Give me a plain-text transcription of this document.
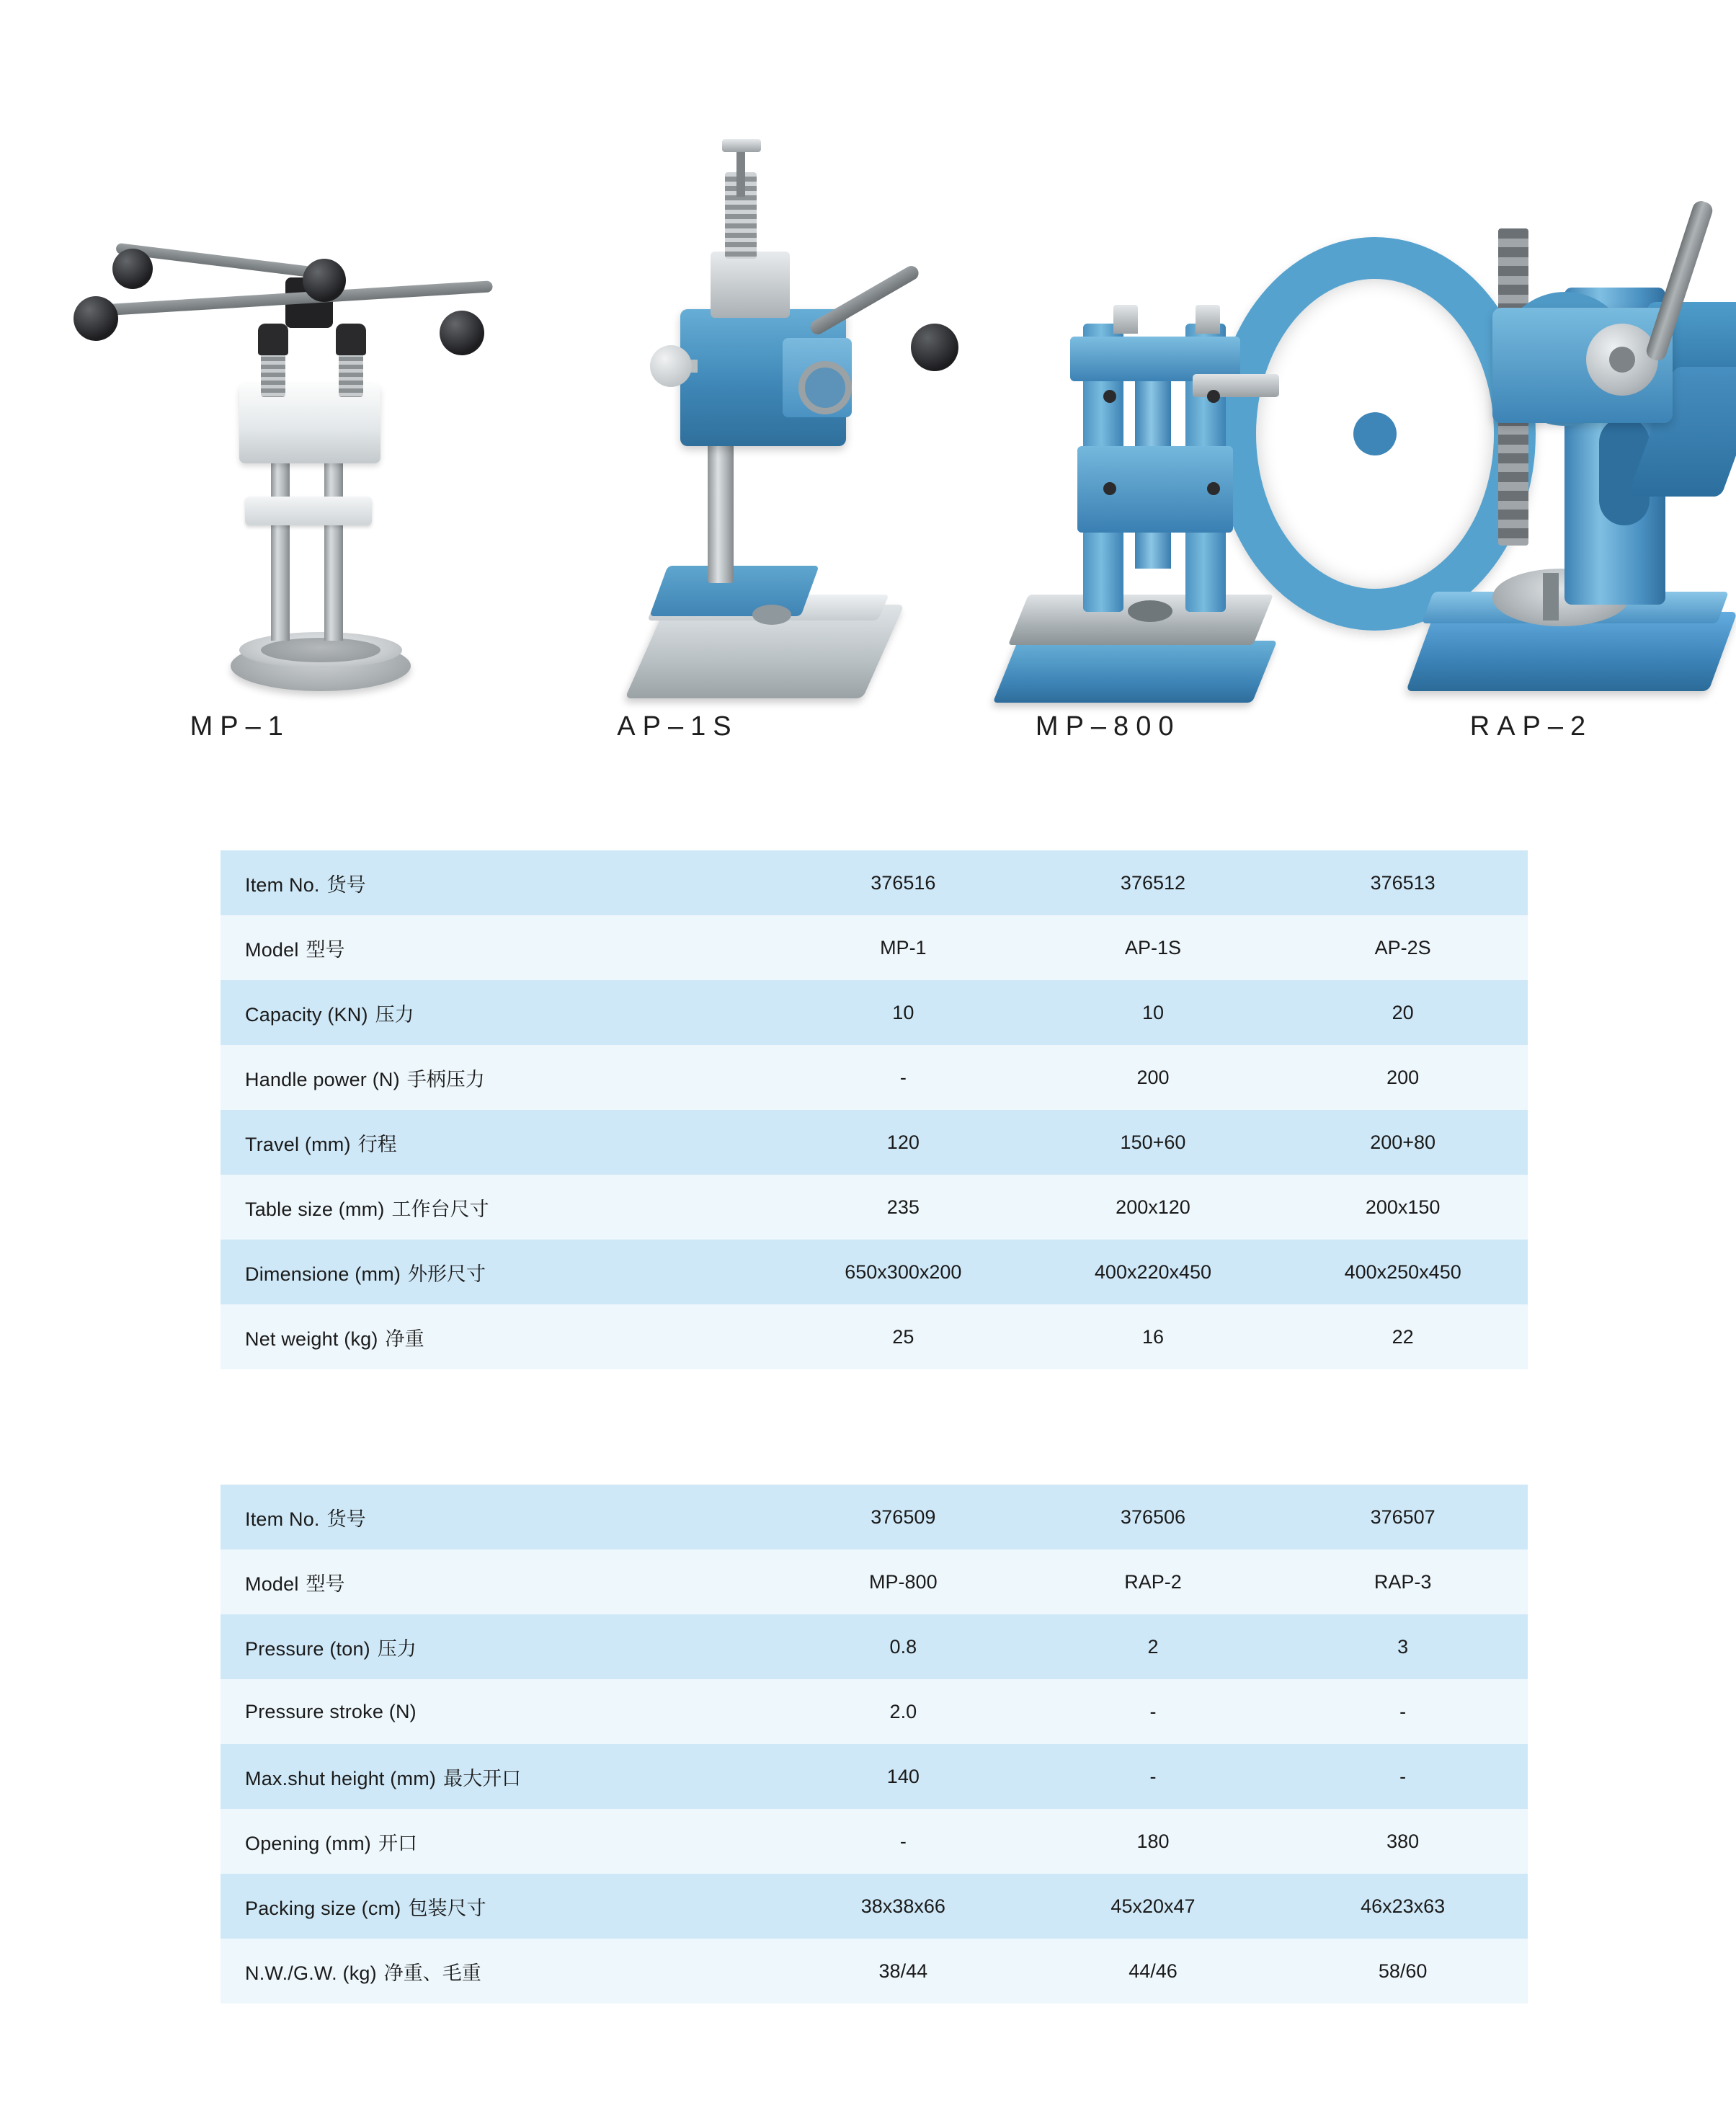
MP–1	AP–1S	MP–800	RAP–2
Item No. 货号	376516	376512	376513
Model 型号	MP-1	AP-1S	AP-2S
Capacity (KN) 压力	10	10	20
Handle power (N) 手柄压力	-	200	200
Travel (mm) 行程	120	150+60	200+80
Table size (mm) 工作台尺寸	235	200x120	200x150
Dimensione (mm) 外形尺寸	650x300x200	400x220x450	400x250x450
Net weight (kg) 净重	25	16	22
Item No. 货号	376509	376506	376507
Model 型号	MP-800	RAP-2	RAP-3
Pressure (ton) 压力	0.8	2	3
Pressure stroke (N)	2.0	-	-
Max.shut height (mm) 最大开口	140	-	-
Opening (mm) 开口	-	180	380
Packing size (cm) 包装尺寸	38x38x66	45x20x47	46x23x63
N.W./G.W. (kg) 净重、毛重	38/44	44/46	58/60
